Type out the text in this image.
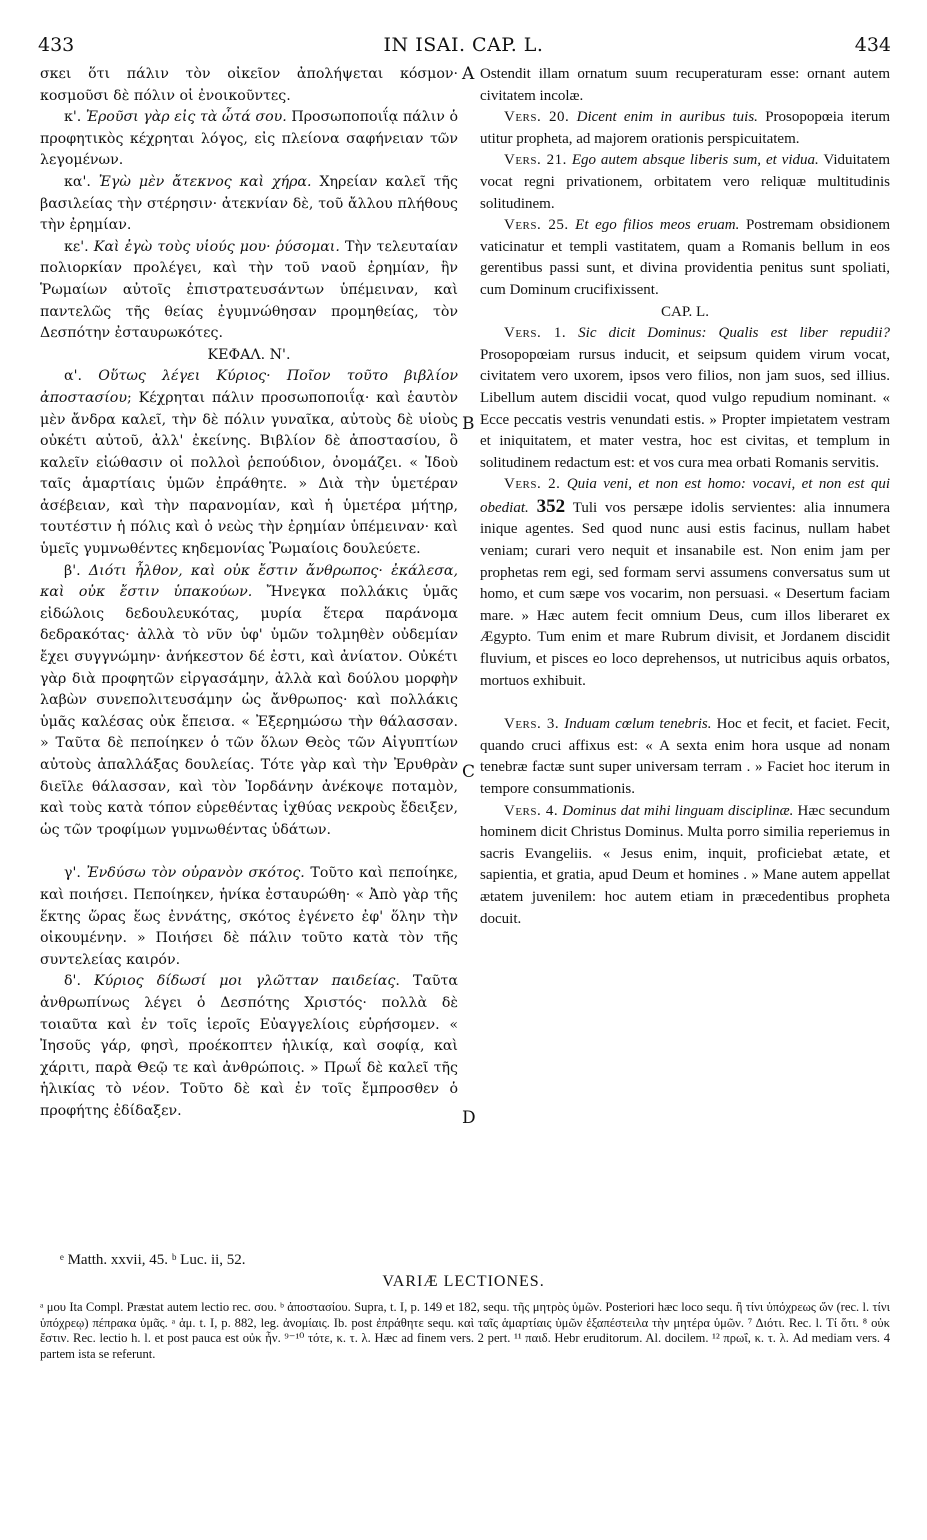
433	IN ISAI. CAP. L.	434
A
B
C
D

σκει ὅτι πάλιν τὸν οἰκεῖον ἀπολήψεται κόσμον· κοσμοῦσι δὲ πόλιν οἱ ἐνοικοῦντες.

κ'. Ἐροῦσι γὰρ εἰς τὰ ὦτά σου. Προσωποποιΐᾳ πάλιν ὁ προφητικὸς κέχρηται λόγος, εἰς πλείονα σαφήνειαν τῶν λεγομένων.

κα'. Ἐγὼ μὲν ἄτεκνος καὶ χήρα. Χηρείαν καλεῖ τῆς βασιλείας τὴν στέρησιν· ἀτεκνίαν δὲ, τοῦ ἄλλου πλήθους τὴν ἐρημίαν.

κε'. Καὶ ἐγὼ τοὺς υἱούς μου· ῥύσομαι. Τὴν τελευταίαν πολιορκίαν προλέγει, καὶ τὴν τοῦ ναοῦ ἐρημίαν, ἣν Ῥωμαίων αὐτοῖς ἐπιστρατευσάντων ὑπέμειναν, καὶ παντελῶς τῆς θείας ἐγυμνώθησαν προμηθείας, τὸν Δεσπότην ἐσταυρωκότες.

ΚΕΦΑΛ. Ν'.

α'. Οὕτως λέγει Κύριος· Ποῖον τοῦτο βιβλίον ἀποστασίου; Κέχρηται πάλιν προσωποποιΐᾳ· καὶ ἑαυτὸν μὲν ἄνδρα καλεῖ, τὴν δὲ πόλιν γυναῖκα, αὐτοὺς δὲ υἱοὺς οὐκέτι αὐτοῦ, ἀλλ' ἐκείνης. Βιβλίον δὲ ἀποστασίου, ὃ καλεῖν εἰώθασιν οἱ πολλοὶ ῥεπούδιον, ὀνομάζει. « Ἰδοὺ ταῖς ἁμαρτίαις ὑμῶν ἐπράθητε. » Διὰ τὴν ὑμετέραν ἀσέβειαν, καὶ τὴν παρανομίαν, καὶ ἡ ὑμετέρα μήτηρ, τουτέστιν ἡ πόλις καὶ ὁ νεὼς τὴν ἐρημίαν ὑπέμειναν· καὶ ὑμεῖς γυμνωθέντες κηδεμονίας Ῥωμαίοις δουλεύετε.

β'. Διότι ἦλθον, καὶ οὐκ ἔστιν ἄνθρωπος· ἐκάλεσα, καὶ οὐκ ἔστιν ὑπακούων. Ἤνεγκα πολλάκις ὑμᾶς εἰδώλοις δεδουλευκότας, μυρία ἕτερα παράνομα δεδρακότας· ἀλλὰ τὸ νῦν ὑφ' ὑμῶν τολμηθὲν οὐδεμίαν ἔχει συγγνώμην· ἀνήκεστον δέ ἐστι, καὶ ἀνίατον. Οὐκέτι γὰρ διὰ προφητῶν εἰργασάμην, ἀλλὰ καὶ δούλου μορφὴν λαβὼν συνεπολιτευσάμην ὡς ἄνθρωπος· καὶ πολλάκις ὑμᾶς καλέσας οὐκ ἔπεισα. « Ἐξερημώσω τὴν θάλασσαν. » Ταῦτα δὲ πεποίηκεν ὁ τῶν ὅλων Θεὸς τῶν Αἰγυπτίων αὐτοὺς ἀπαλλάξας δουλείας. Τότε γὰρ καὶ τὴν Ἐρυθρὰν διεῖλε θάλασσαν, καὶ τὸν Ἰορδάνην ἀνέκοψε ποταμὸν, καὶ τοὺς κατὰ τόπον εὑρεθέντας ἰχθύας νεκροὺς ἔδειξεν, ὡς τῶν τροφίμων γυμνωθέντας ὑδάτων.

γ'. Ἐνδύσω τὸν οὐρανὸν σκότος. Τοῦτο καὶ πεποίηκε, καὶ ποιήσει. Πεποίηκεν, ἡνίκα ἐσταυρώθη· « Ἀπὸ γὰρ τῆς ἕκτης ὥρας ἕως ἐννάτης, σκότος ἐγένετο ἐφ' ὅλην τὴν οἰκουμένην. » Ποιήσει δὲ πάλιν τοῦτο κατὰ τὸν τῆς συντελείας καιρόν.

δ'. Κύριος δίδωσί μοι γλῶτταν παιδείας. Ταῦτα ἀνθρωπίνως λέγει ὁ Δεσπότης Χριστός· πολλὰ δὲ τοιαῦτα καὶ ἐν τοῖς ἱεροῖς Εὐαγγελίοις εὑρήσομεν. « Ἰησοῦς γάρ, φησὶ, προέκοπτεν ἡλικίᾳ, καὶ σοφίᾳ, καὶ χάριτι, παρὰ Θεῷ τε καὶ ἀνθρώποις. » Πρωΐ δὲ καλεῖ τῆς ἡλικίας τὸ νέον. Τοῦτο δὲ καὶ ἐν τοῖς ἔμπροσθεν ὁ προφήτης ἐδίδαξεν.

Ostendit illam ornatum suum recuperaturam esse: ornant autem civitatem incolæ.

Vers. 20. Dicent enim in auribus tuis. Prosopopœia iterum utitur propheta, ad majorem orationis perspicuitatem.

Vers. 21. Ego autem absque liberis sum, et vidua. Viduitatem vocat regni privationem, orbitatem vero reliquæ multitudinis solitudinem.

Vers. 25. Et ego filios meos eruam. Postremam obsidionem vaticinatur et templi vastitatem, quam a Romanis bellum in eos gerentibus passi sunt, et divina providentia penitus sunt spoliati, cum Dominum crucifixissent.

CAP. L.

Vers. 1. Sic dicit Dominus: Qualis est liber repudii? Prosopopœiam rursus inducit, et seipsum quidem virum vocat, civitatem vero uxorem, ipsos vero filios, non jam suos, sed illius. Libellum autem discidii vocat, quod vulgo repudium nominant. « Ecce peccatis vestris venundati estis. » Propter impietatem vestram et iniquitatem, et mater vestra, hoc est civitas, et templum in solitudinem redactum est: et vos cura mea orbati Romanis servitis.

Vers. 2. Quia veni, et non est homo: vocavi, et non est qui obediat. 352 Tuli vos persæpe idolis servientes: alia innumera inique agentes. Sed quod nunc ausi estis facinus, nullam habet veniam; curari vero nequit et insanabile est. Non enim jam per prophetas rem egi, sed formam servi assumens conversatus sum ut homo, et cum sæpe vos vocarim, non persuasi. « Desertum faciam mare. » Hæc autem fecit omnium Deus, cum illos liberaret ex Ægypto. Tum enim et mare Rubrum divisit, et Jordanem discidit fluvium, et pisces eo loco deprehensos, ut nutricibus aquis orbatos, mortuos exhibuit.

Vers. 3. Induam cœlum tenebris. Hoc et fecit, et faciet. Fecit, quando cruci affixus est: « A sexta enim hora usque ad nonam tenebræ factæ sunt super universam terram . » Faciet hoc iterum in tempore consummationis.

Vers. 4. Dominus dat mihi linguam disciplinæ. Hæc secundum hominem dicit Christus Dominus. Multa porro similia reperiemus in sacris Evangeliis. « Jesus enim, inquit, proficiebat ætate, et sapientia, et gratia, apud Deum et homines . » Mane autem appellat ætatem juvenilem: hoc autem etiam in præcedentibus propheta docuit.

ᵉ Matth. xxvii, 45. ᵇ Luc. ii, 52.
VARIÆ LECTIONES.

ᵃ μου Ita Compl. Præstat autem lectio rec. σου. ᵇ ἀποστασίου. Supra, t. I, p. 149 et 182, sequ. τῆς μητρὸς ὑμῶν. Posteriori hæc loco sequ. ἢ τίνι ὑπόχρεως ὤν (rec. l. τίνι ὑπόχρεῳ) πέπρακα ὑμᾶς. ᵃ ἁμ. t. I, p. 882, leg. ἀνομίαις. Ib. post ἐπράθητε sequ. καὶ ταῖς ἁμαρτίαις ὑμῶν ἐξαπέστειλα τὴν μητέρα ὑμῶν. ⁷ Διότι. Rec. l. Τί ὅτι. ⁸ οὐκ ἔστιν. Rec. lectio h. l. et post pauca est οὐκ ἦν. ⁹⁻¹⁰ τότε, κ. τ. λ. Hæc ad finem vers. 2 pert. ¹¹ παιδ. Hebr eruditorum. Al. docilem. ¹² πρωΐ, κ. τ. λ. Ad mediam vers. 4 partem ista se referunt.
